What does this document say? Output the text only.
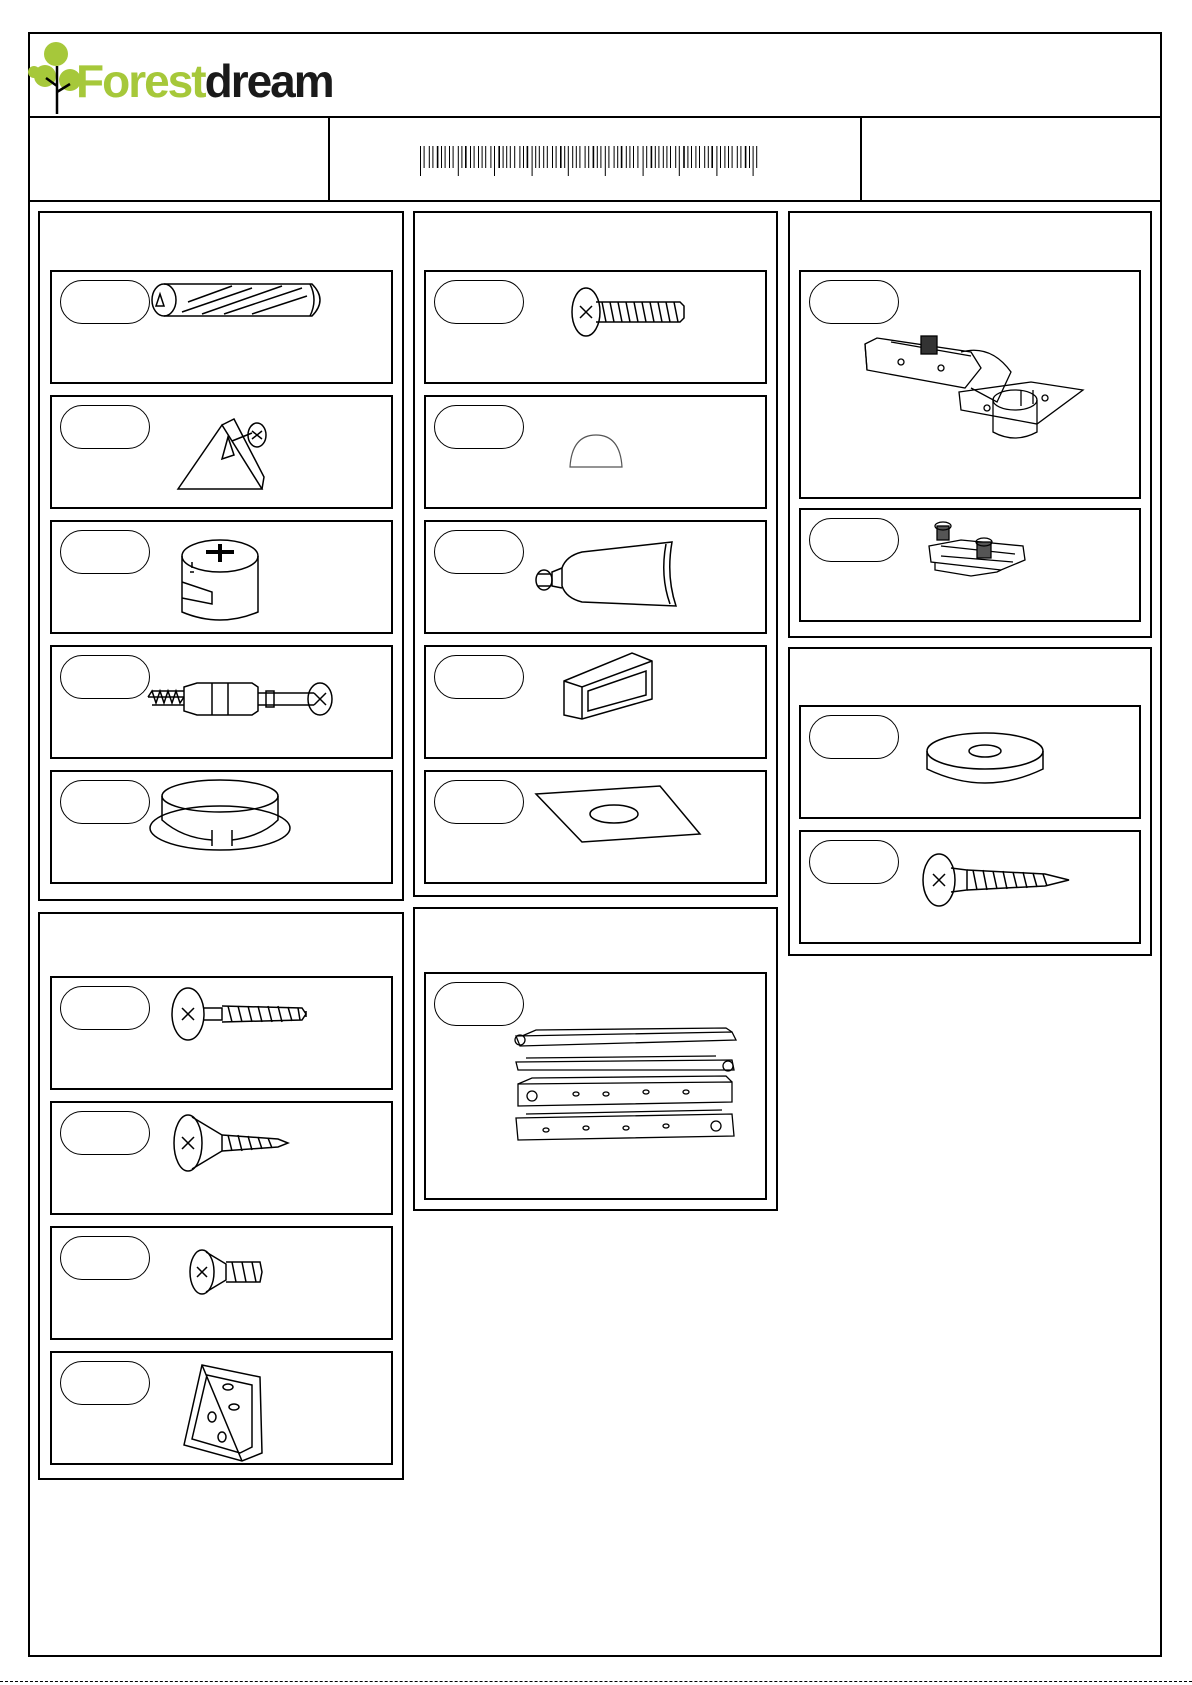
Forestdream
